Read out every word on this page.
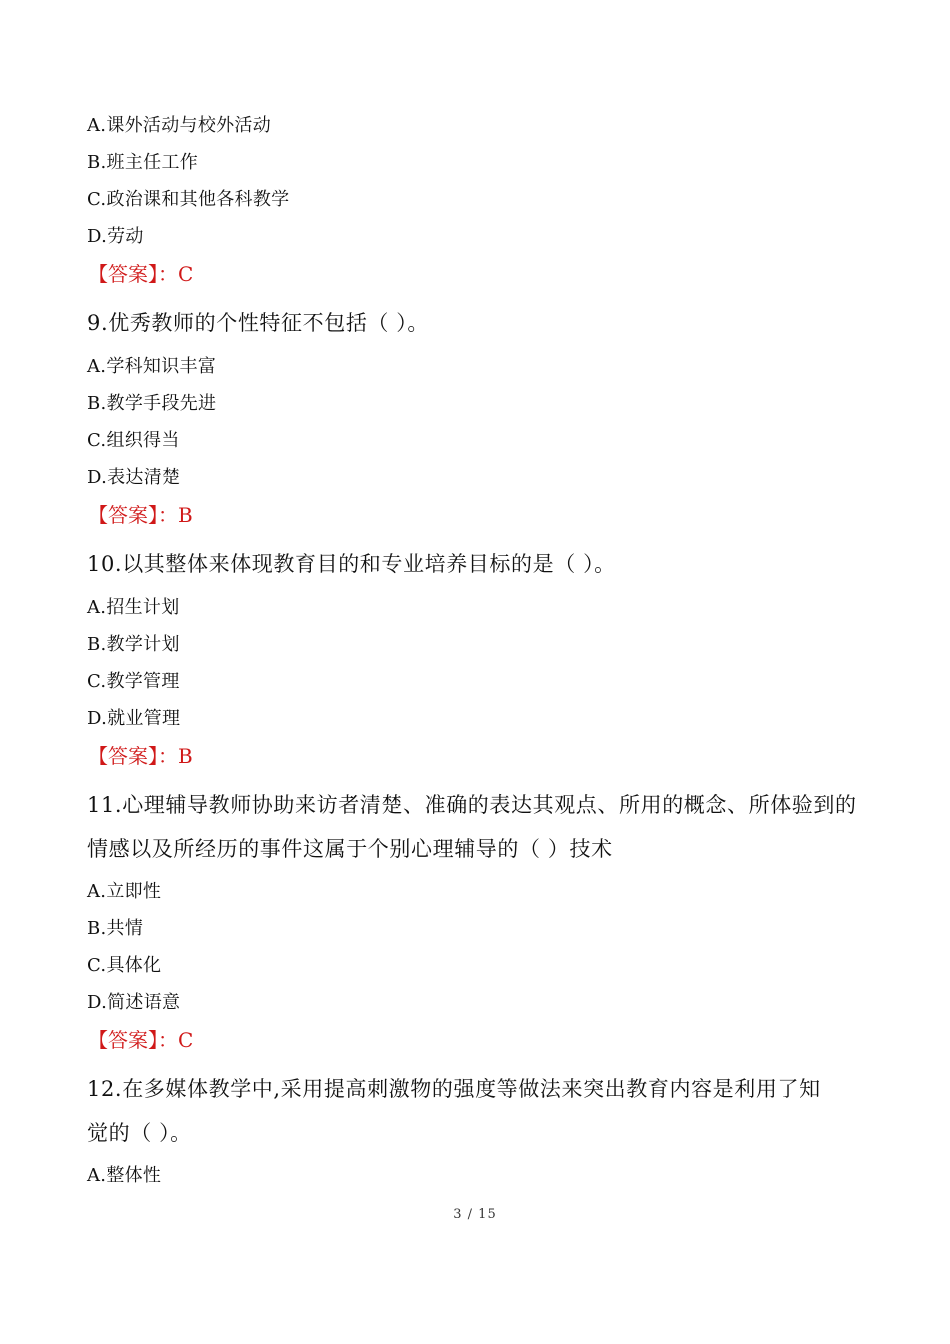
A.课外活动与校外活动
B.班主任工作
C.政治课和其他各科教学
D.劳动
【答案】：C
9.优秀教师的个性特征不包括（ ）。
A.学科知识丰富
B.教学手段先进
C.组织得当
D.表达清楚
【答案】：B
10.以其整体来体现教育目的和专业培养目标的是（ ）。
A.招生计划
B.教学计划
C.教学管理
D.就业管理
【答案】：B
11.心理辅导教师协助来访者清楚、准确的表达其观点、所用的概念、所体验到的
情感以及所经历的事件这属于个别心理辅导的（ ）技术
A.立即性
B.共情
C.具体化
D.简述语意
【答案】：C
12.在多媒体教学中,采用提高刺激物的强度等做法来突出教育内容是利用了知
觉的（ ）。
A.整体性
3 / 15
